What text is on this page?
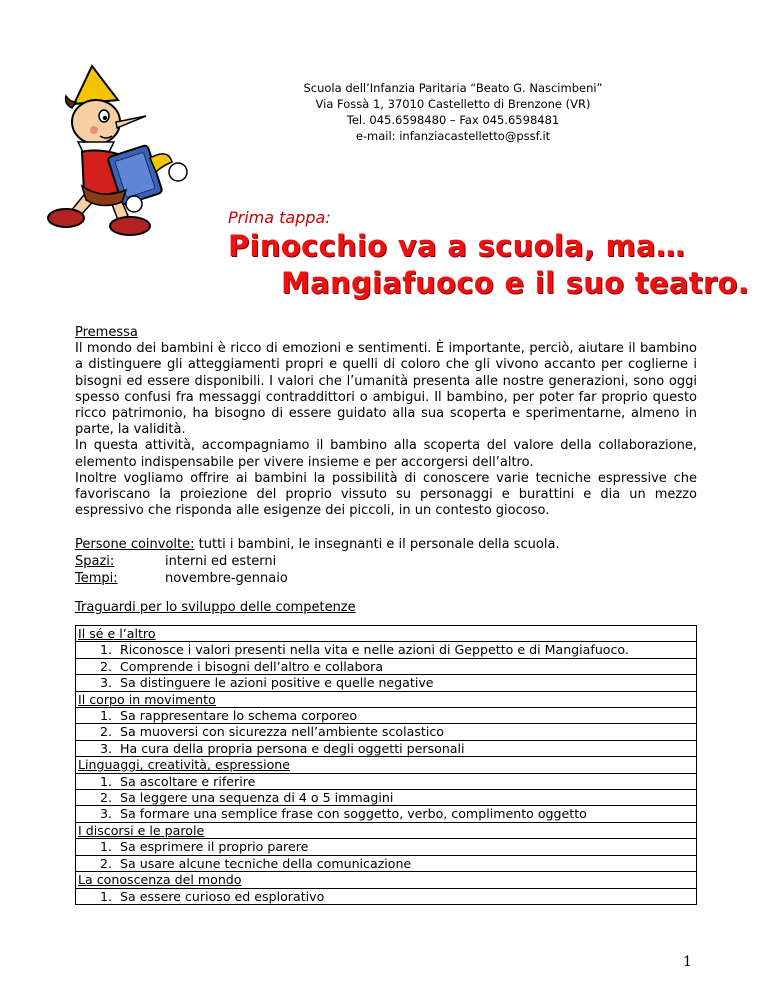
Scuola dell’Infanzia Paritaria “Beato G. Nascimbeni”
Via Fossà 1, 37010 Castelletto di Brenzone (VR)
Tel. 045.6598480 – Fax 045.6598481
e-mail: infanziacastelletto@pssf.it
Prima tappa:
Pinocchio va a scuola, ma…
Mangiafuoco e il suo teatro.

Premessa

Il mondo dei bambini è ricco di emozioni e sentimenti. È importante, perciò, aiutare il bambino a distinguere gli atteggiamenti propri e quelli di coloro che gli vivono accanto per coglierne i bisogni ed essere disponibili. I valori che l’umanità presenta alle nostre generazioni, sono oggi spesso confusi fra messaggi contraddittori o ambigui. Il bambino, per poter far proprio questo ricco patrimonio, ha bisogno di essere guidato alla sua scoperta e sperimentarne, almeno in parte, la validità.

In questa attività, accompagniamo il bambino alla scoperta del valore della collaborazione, elemento indispensabile per vivere insieme e per accorgersi dell’altro.

Inoltre vogliamo offrire ai bambini la possibilità di conoscere varie tecniche espressive che favoriscano la proiezione del proprio vissuto su personaggi e burattini e dia un mezzo espressivo che risponda alle esigenze dei piccoli, in un contesto giocoso.

Persone coinvolte: tutti i bambini, le insegnanti e il personale della scuola.
Spazi:	interni ed esterni
Tempi:	novembre-gennaio
Traguardi per lo sviluppo delle competenze
Il sé e l’altro
1. Riconosce i valori presenti nella vita e nelle azioni di Geppetto e di Mangiafuoco.
2. Comprende i bisogni dell’altro e collabora
3. Sa distinguere le azioni positive e quelle negative
Il corpo in movimento
1. Sa rappresentare lo schema corporeo
2. Sa muoversi con sicurezza nell’ambiente scolastico
3. Ha cura della propria persona e degli oggetti personali
Linguaggi, creatività, espressione
1. Sa ascoltare e riferire
2. Sa leggere una sequenza di 4 o 5 immagini
3. Sa formare una semplice frase con soggetto, verbo, complimento oggetto
I discorsi e le parole
1. Sa esprimere il proprio parere
2. Sa usare alcune tecniche della comunicazione
La conoscenza del mondo
1. Sa essere curioso ed esplorativo
1
